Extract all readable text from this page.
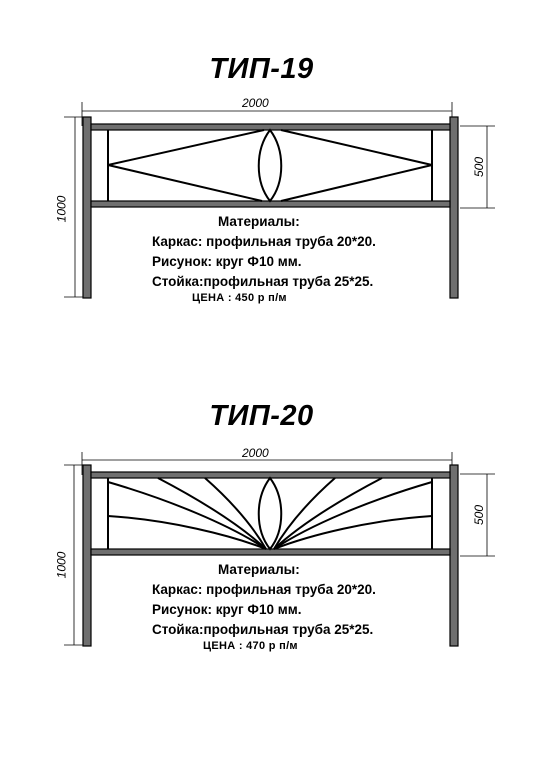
ТИП-19
2000
1000
500
Материалы:
Каркас: профильная труба 20*20.
Рисунок: круг Ф10 мм.
Стойка:профильная труба 25*25.
ЦЕНА : 450 р п/м
ТИП-20
2000
1000
500
Материалы:
Каркас: профильная труба 20*20.
Рисунок: круг Ф10 мм.
Стойка:профильная труба 25*25.
ЦЕНА : 470 р п/м
